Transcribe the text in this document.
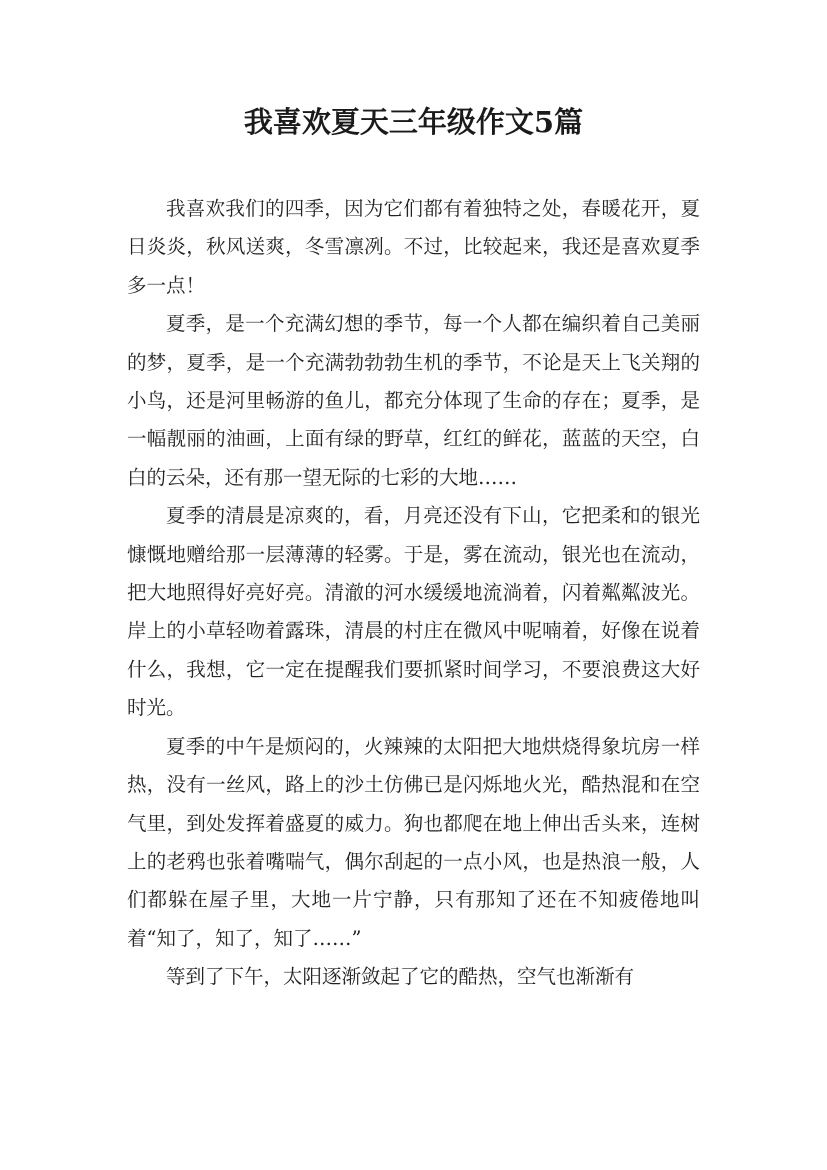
我喜欢夏天三年级作文5篇

我喜欢我们的四季，因为它们都有着独特之处，春暖花开，夏日炎炎，秋风送爽，冬雪凛冽。不过，比较起来，我还是喜欢夏季多一点！

夏季，是一个充满幻想的季节，每一个人都在编织着自己美丽的梦，夏季，是一个充满勃勃勃生机的季节，不论是天上飞关翔的小鸟，还是河里畅游的鱼儿，都充分体现了生命的存在；夏季，是一幅靓丽的油画，上面有绿的野草，红红的鲜花，蓝蓝的天空，白白的云朵，还有那一望无际的七彩的大地……

夏季的清晨是凉爽的，看，月亮还没有下山，它把柔和的银光慷慨地赠给那一层薄薄的轻雾。于是，雾在流动，银光也在流动，把大地照得好亮好亮。清澈的河水缓缓地流淌着，闪着粼粼波光。岸上的小草轻吻着露珠，清晨的村庄在微风中呢喃着，好像在说着什么，我想，它一定在提醒我们要抓紧时间学习，不要浪费这大好时光。

夏季的中午是烦闷的，火辣辣的太阳把大地烘烧得象坑房一样热，没有一丝风，路上的沙土仿佛已是闪烁地火光，酷热混和在空气里，到处发挥着盛夏的威力。狗也都爬在地上伸出舌头来，连树上的老鸦也张着嘴喘气，偶尔刮起的一点小风，也是热浪一般，人们都躲在屋子里，大地一片宁静，只有那知了还在不知疲倦地叫着“知了，知了，知了……”

等到了下午，太阳逐渐敛起了它的酷热，空气也渐渐有
